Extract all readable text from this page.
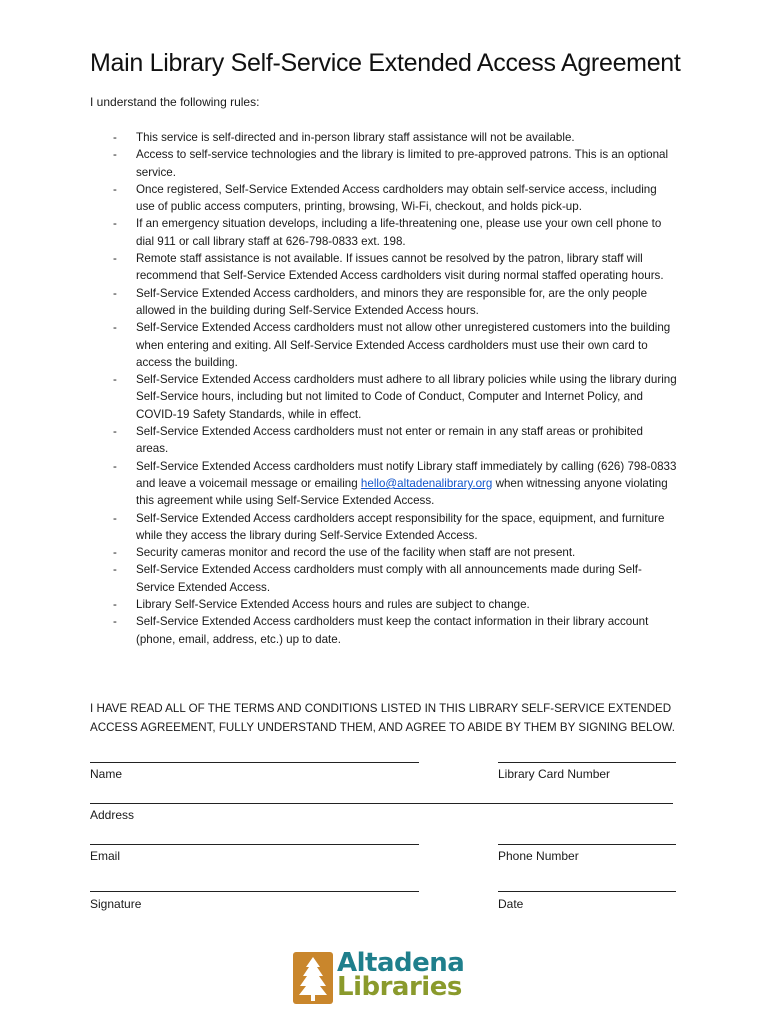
Main Library Self-Service Extended Access Agreement

I understand the following rules:

- This service is self-directed and in-person library staff assistance will not be available.
- Access to self-service technologies and the library is limited to pre-approved patrons. This is an optional service.
- Once registered, Self-Service Extended Access cardholders may obtain self-service access, including use of public access computers, printing, browsing, Wi-Fi, checkout, and holds pick-up.
- If an emergency situation develops, including a life-threatening one, please use your own cell phone to dial 911 or call library staff at 626-798-0833 ext. 198.
- Remote staff assistance is not available. If issues cannot be resolved by the patron, library staff will recommend that Self-Service Extended Access cardholders visit during normal staffed operating hours.
- Self-Service Extended Access cardholders, and minors they are responsible for, are the only people allowed in the building during Self-Service Extended Access hours.
- Self-Service Extended Access cardholders must not allow other unregistered customers into the building when entering and exiting. All Self-Service Extended Access cardholders must use their own card to access the building.
- Self-Service Extended Access cardholders must adhere to all library policies while using the library during Self-Service hours, including but not limited to Code of Conduct, Computer and Internet Policy, and COVID-19 Safety Standards, while in effect.
- Self-Service Extended Access cardholders must not enter or remain in any staff areas or prohibited areas.
- Self-Service Extended Access cardholders must notify Library staff immediately by calling (626) 798-0833 and leave a voicemail message or emailing hello@altadenalibrary.org when witnessing anyone violating this agreement while using Self-Service Extended Access.
- Self-Service Extended Access cardholders accept responsibility for the space, equipment, and furniture while they access the library during Self-Service Extended Access.
- Security cameras monitor and record the use of the facility when staff are not present.
- Self-Service Extended Access cardholders must comply with all announcements made during Self-Service Extended Access.
- Library Self-Service Extended Access hours and rules are subject to change.
- Self-Service Extended Access cardholders must keep the contact information in their library account (phone, email, address, etc.) up to date.

I HAVE READ ALL OF THE TERMS AND CONDITIONS LISTED IN THIS LIBRARY SELF-SERVICE EXTENDED ACCESS AGREEMENT, FULLY UNDERSTAND THEM, AND AGREE TO ABIDE BY THEM BY SIGNING BELOW.

Name	Library Card Number
Address
Email	Phone Number
Signature	Date
Altadena
Libraries
